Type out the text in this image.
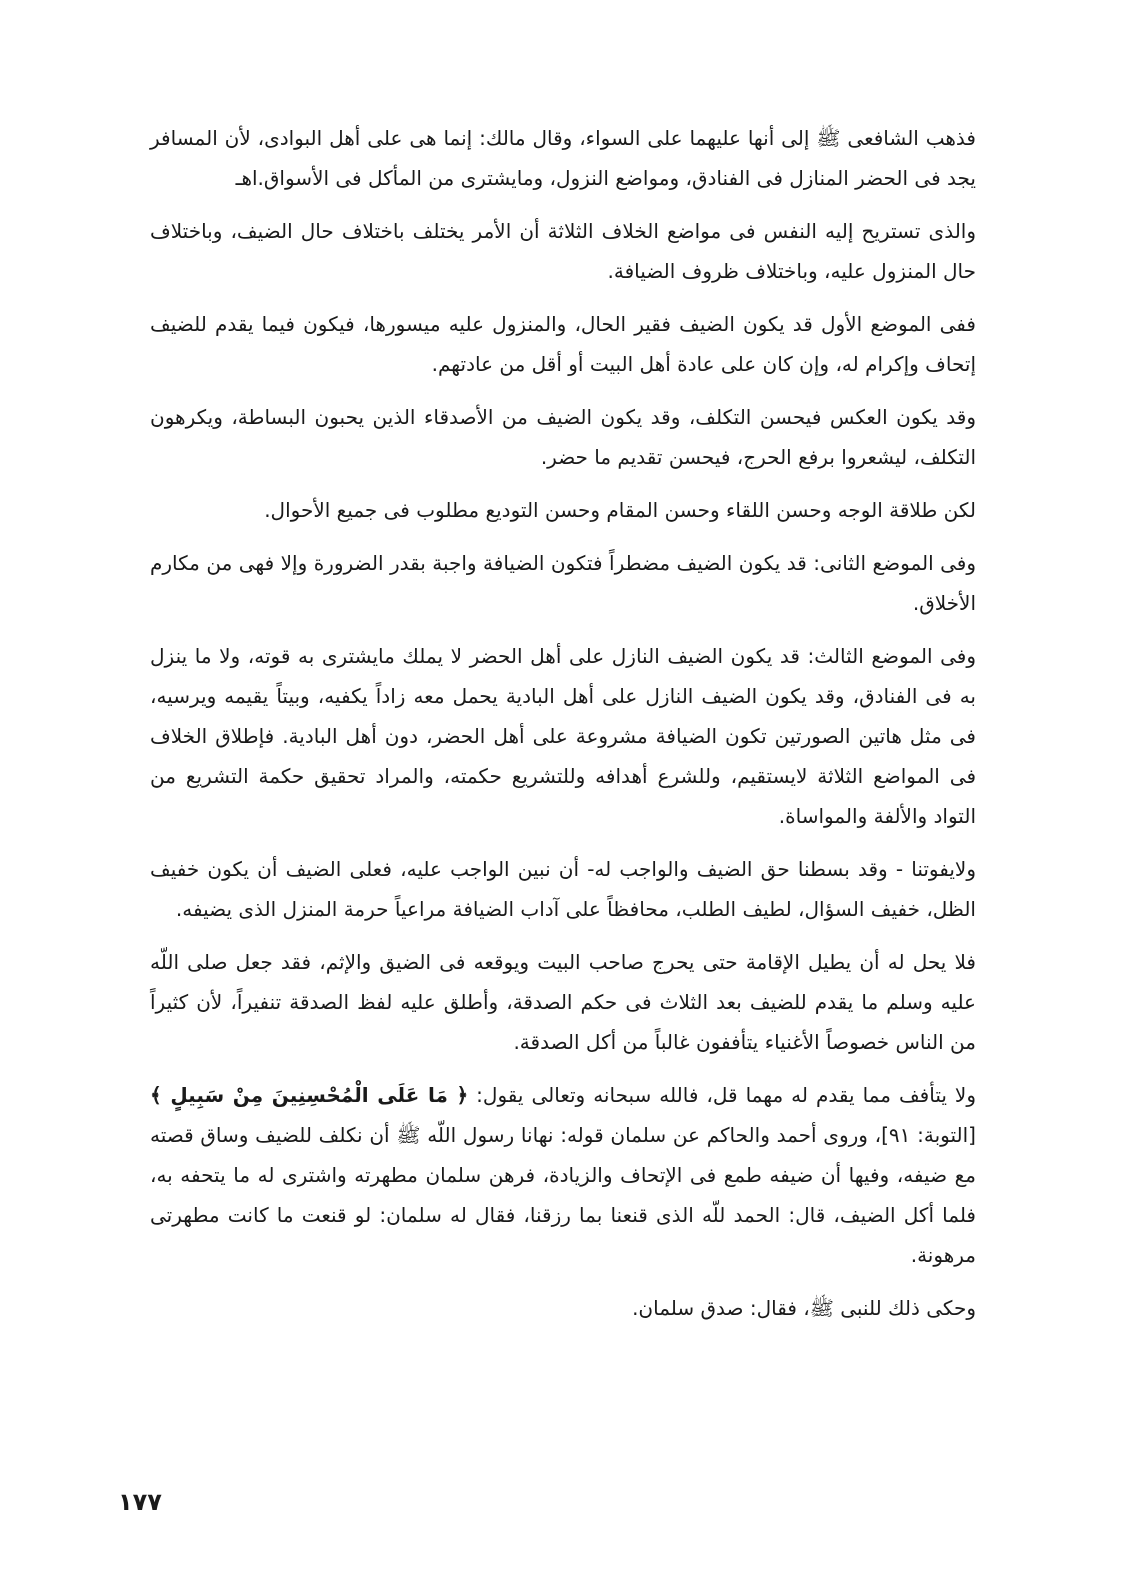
فذهب الشافعى ﷺ إلى أنها عليهما على السواء، وقال مالك: إنما هى على أهل البوادى، لأن المسافر يجد فى الحضر المنازل فى الفنادق، ومواضع النزول، ومايشترى من المأكل فى الأسواق.اهـ

والذى تستريح إليه النفس فى مواضع الخلاف الثلاثة أن الأمر يختلف باختلاف حال الضيف، وباختلاف حال المنزول عليه، وباختلاف ظروف الضيافة.

ففى الموضع الأول قد يكون الضيف فقير الحال، والمنزول عليه ميسورها، فيكون فيما يقدم للضيف إتحاف وإكرام له، وإن كان على عادة أهل البيت أو أقل من عادتهم.

وقد يكون العكس فيحسن التكلف، وقد يكون الضيف من الأصدقاء الذين يحبون البساطة، ويكرهون التكلف، ليشعروا برفع الحرج، فيحسن تقديم ما حضر.

لكن طلاقة الوجه وحسن اللقاء وحسن المقام وحسن التوديع مطلوب فى جميع الأحوال.

وفى الموضع الثانى: قد يكون الضيف مضطراً فتكون الضيافة واجبة بقدر الضرورة وإلا فهى من مكارم الأخلاق.

وفى الموضع الثالث: قد يكون الضيف النازل على أهل الحضر لا يملك مايشترى به قوته، ولا ما ينزل به فى الفنادق، وقد يكون الضيف النازل على أهل البادية يحمل معه زاداً يكفيه، وبيتاً يقيمه ويرسيه، فى مثل هاتين الصورتين تكون الضيافة مشروعة على أهل الحضر، دون أهل البادية. فإطلاق الخلاف فى المواضع الثلاثة لايستقيم، وللشرع أهدافه وللتشريع حكمته، والمراد تحقيق حكمة التشريع من التواد والألفة والمواساة.

ولايفوتنا - وقد بسطنا حق الضيف والواجب له- أن نبين الواجب عليه، فعلى الضيف أن يكون خفيف الظل، خفيف السؤال، لطيف الطلب، محافظاً على آداب الضيافة مراعياً حرمة المنزل الذى يضيفه.

فلا يحل له أن يطيل الإقامة حتى يحرج صاحب البيت ويوقعه فى الضيق والإثم، فقد جعل صلى اللّه عليه وسلم ما يقدم للضيف بعد الثلاث فى حكم الصدقة، وأطلق عليه لفظ الصدقة تنفيراً، لأن كثيراً من الناس خصوصاً الأغنياء يتأففون غالباً من أكل الصدقة.

ولا يتأفف مما يقدم له مهما قل، فالله سبحانه وتعالى يقول: ﴿ مَا عَلَى الْمُحْسِنِينَ مِنْ سَبِيلٍ ﴾ [التوبة: ٩١]، وروى أحمد والحاكم عن سلمان قوله: نهانا رسول اللّه ﷺ أن نكلف للضيف وساق قصته مع ضيفه، وفيها أن ضيفه طمع فى الإتحاف والزيادة، فرهن سلمان مطهرته واشترى له ما يتحفه به، فلما أكل الضيف، قال: الحمد للّه الذى قنعنا بما رزقنا، فقال له سلمان: لو قنعت ما كانت مطهرتى مرهونة.

وحكى ذلك للنبى ﷺ، فقال: صدق سلمان.

١٧٧
